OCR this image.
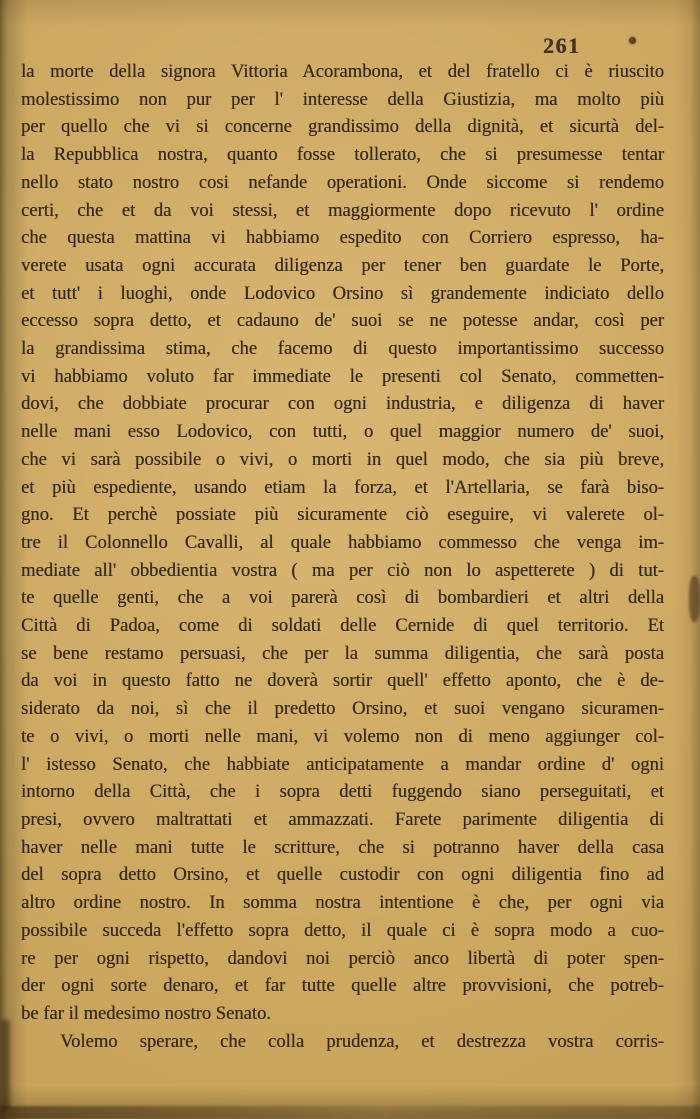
261
la morte della signora Vittoria Acorambona, et del fratello ci è riuscito
molestissimo non pur per l' interesse della Giustizia, ma molto più
per quello che vi si concerne grandissimo della dignità, et sicurtà del-
la Repubblica nostra, quanto fosse tollerato, che si presumesse tentar
nello stato nostro cosi nefande operationi. Onde siccome si rendemo
certi, che et da voi stessi, et maggiormente dopo ricevuto l' ordine
che questa mattina vi habbiamo espedito con Corriero espresso, ha-
verete usata ogni accurata diligenza per tener ben guardate le Porte,
et tutt' i luoghi, onde Lodovico Orsino sì grandemente indiciato dello
eccesso sopra detto, et cadauno de' suoi se ne potesse andar, così per
la grandissima stima, che facemo di questo importantissimo successo
vi habbiamo voluto far immediate le presenti col Senato, commetten-
dovi, che dobbiate procurar con ogni industria, e diligenza di haver
nelle mani esso Lodovico, con tutti, o quel maggior numero de' suoi,
che vi sarà possibile o vivi, o morti in quel modo, che sia più breve,
et più espediente, usando etiam la forza, et l'Artellaria, se farà biso-
gno. Et perchè possiate più sicuramente ciò eseguire, vi valerete ol-
tre il Colonnello Cavalli, al quale habbiamo commesso che venga im-
mediate all' obbedientia vostra ( ma per ciò non lo aspetterete ) di tut-
te quelle genti, che a voi parerà così di bombardieri et altri della
Città di Padoa, come di soldati delle Cernide di quel territorio. Et
se bene restamo persuasi, che per la summa diligentia, che sarà posta
da voi in questo fatto ne doverà sortir quell' effetto aponto, che è de-
siderato da noi, sì che il predetto Orsino, et suoi vengano sicuramen-
te o vivi, o morti nelle mani, vi volemo non di meno aggiunger col-
l' istesso Senato, che habbiate anticipatamente a mandar ordine d' ogni
intorno della Città, che i sopra detti fuggendo siano perseguitati, et
presi, ovvero maltrattati et ammazzati. Farete parimente diligentia di
haver nelle mani tutte le scritture, che si potranno haver della casa
del sopra detto Orsino, et quelle custodir con ogni diligentia fino ad
altro ordine nostro. In somma nostra intentione è che, per ogni via
possibile succeda l'effetto sopra detto, il quale ci è sopra modo a cuo-
re per ogni rispetto, dandovi noi perciò anco libertà di poter spen-
der ogni sorte denaro, et far tutte quelle altre provvisioni, che potreb-
be far il medesimo nostro Senato.
Volemo sperare, che colla prudenza, et destrezza vostra corris-
